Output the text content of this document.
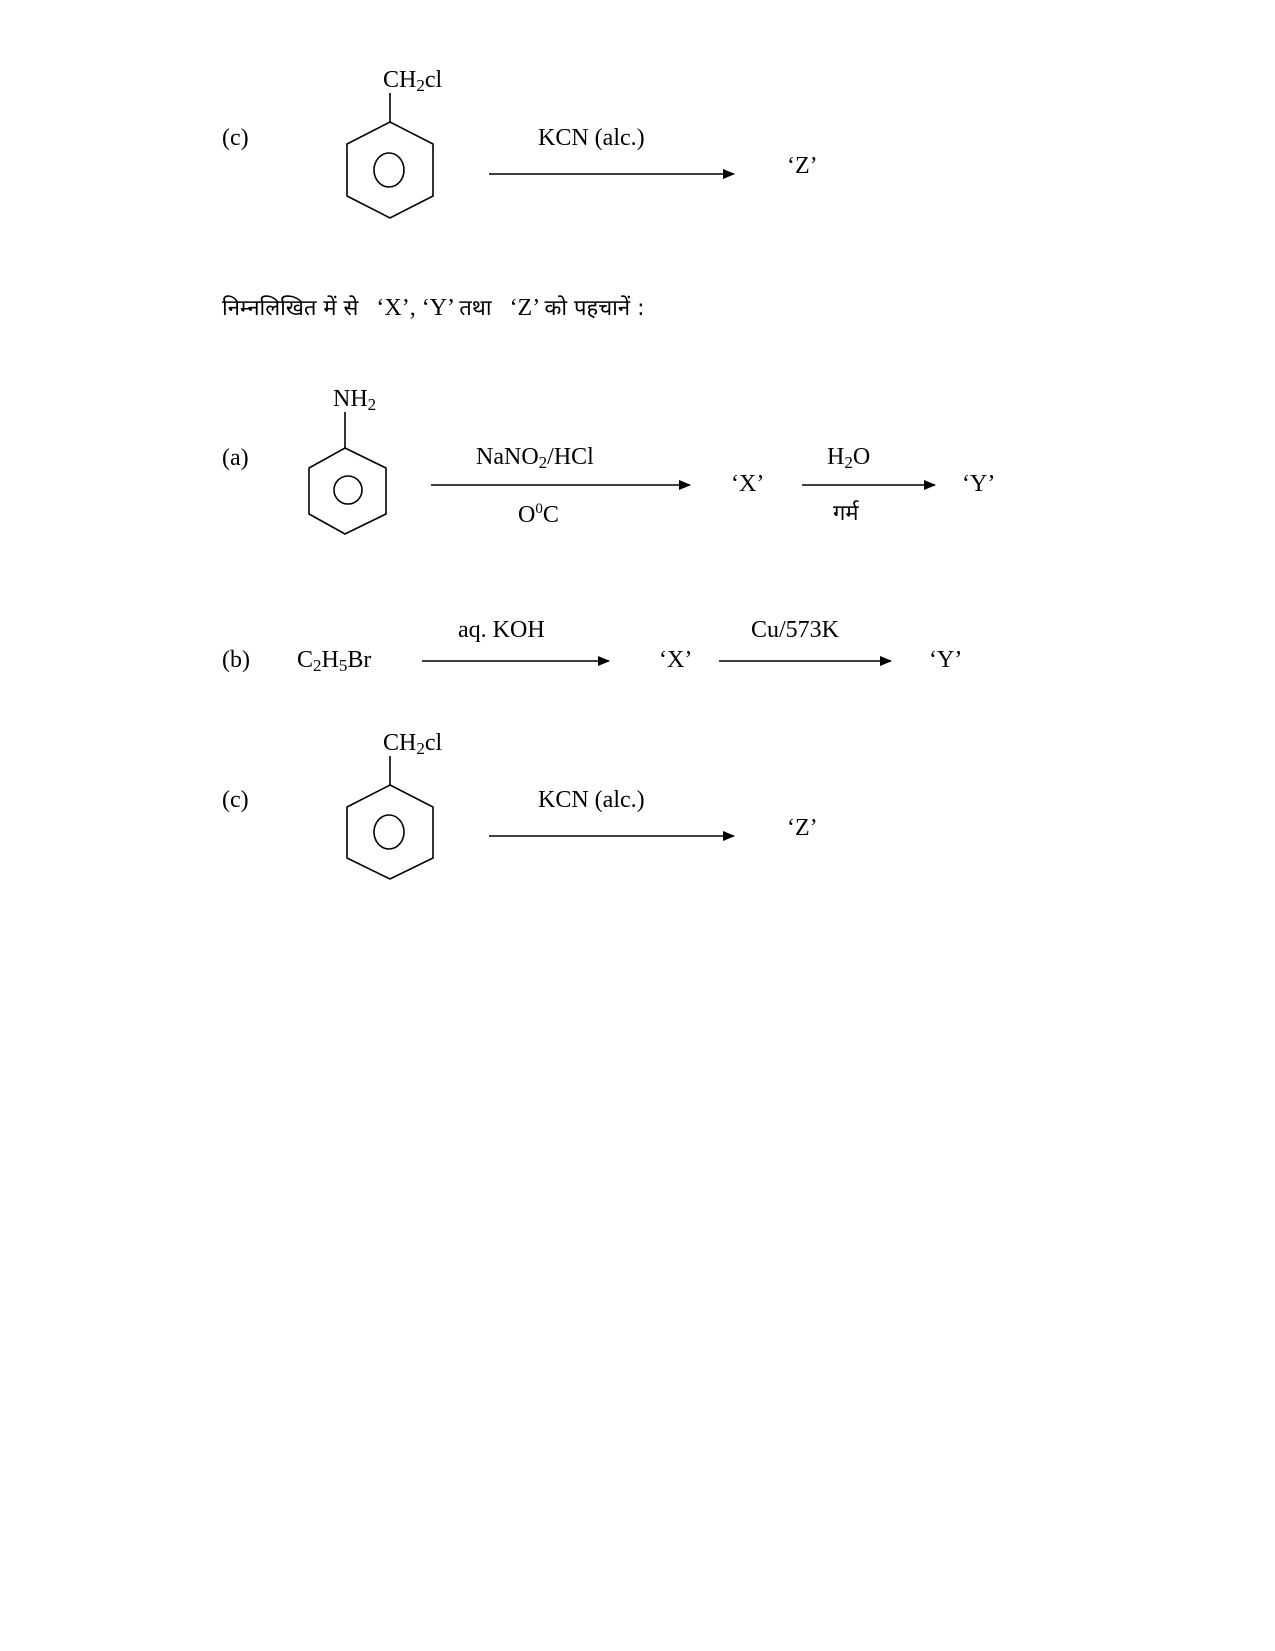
(c)
$CH_2cl$
KCN (alc.)
‘Z’
निम्नलिखित में से ‘X’, ‘Y’ तथा ‘Z’ को पहचानें :
(a)
$NH_2$
NaNO$_2$/HCl
$O^0C$
‘X’
$H_2O$
गर्म
‘Y’
(b) $C_2H_5Br$
aq. KOH
‘X’
Cu/573K
‘Y’
(c)
$CH_2cl$
KCN (alc.)
‘Z’
